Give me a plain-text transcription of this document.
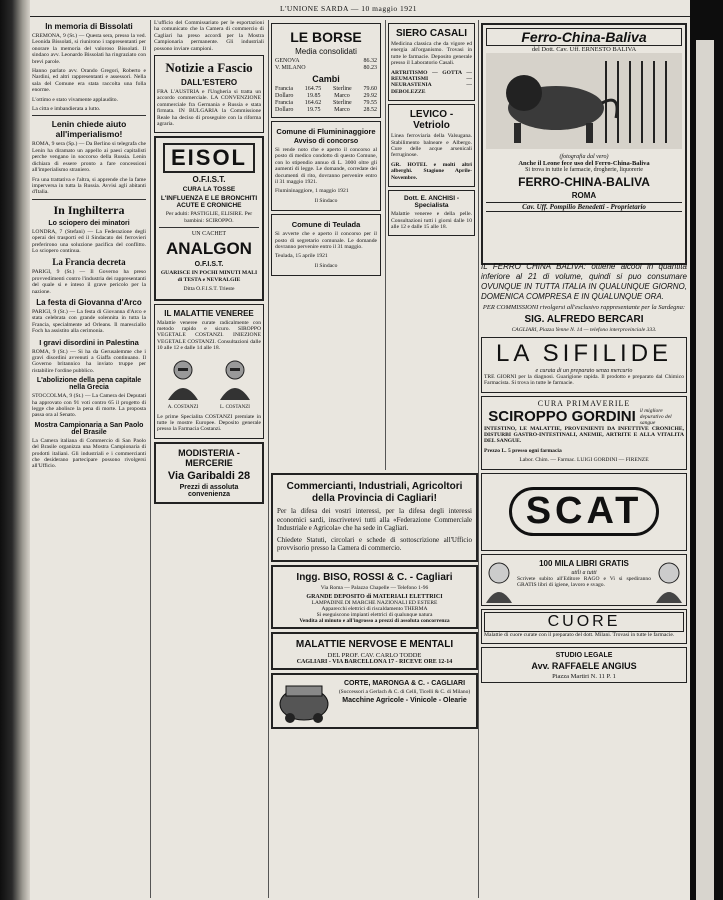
L'UNIONE SARDA — 10 maggio 1921
In memoria di Bissolati

CREMONA, 9 (St.) — Questa sera, presso la ved. Leonida Bissolati, si riunirono i rappresentanti per onorare la memoria del valoroso Bissolati. Il sindaco avv. Leonardo Bissolati ha ringraziato con brevi parole.

Hanno parlato avv. Orando Gregori, Roberto e Nardini, ed altri rappresentanti e assessori. Nella sala del Comune era stata raccolta una folla enorme.

L'ottimo e stato vivamente applaudito.

La citta e imbandierata a lutto.

Lenin chiede aiuto all'imperialismo!

ROMA, 9 sera (Sp.) — Da Berlino si telegrafa che Lenin ha diramato un appello ai paesi capitalisti perche vengano in soccorso della Russia. Lenin dichiara di essere pronto a fare concessioni all'imperialismo straniero.

Fra una trattativa e l'altra, si apprende che la fame imperversa in tutta la Russia. Avvisi agli abitanti d'Italia.

In Inghilterra
Lo sciopero dei minatori

LONDRA, 7 (Stefani) — La Federazione degli operai dei trasporti ed il Sindacato dei ferrovieri preferirono una soluzione pacifica del conflitto. Lo sciopero continua.

La Francia decreta

PARIGI, 9 (St.) — Il Governo ha preso provvedimenti contro l'industria dei rappresentanti del quale si e inteso il grave pericolo per la nazione.

La festa di Giovanna d'Arco

PARIGI, 9 (St.) — La festa di Giovanna d'Arco e stata celebrata con grande solennita in tutta la Francia, specialmente ad Orleans. Il maresciallo Foch ha assistito alla cerimonia.

I gravi disordini in Palestina

ROMA, 9 (St.) — Si ha da Gerusalemme che i gravi disordini avvenuti a Giaffa continuano. Il Governo britannico ha inviato truppe per ristabilire l'ordine pubblico.

L'abolizione della pena capitale nella Grecia

STOCCOLMA, 9 (St.) — La Camera dei Deputati ha approvato con 91 voti contro 65 il progetto di legge che abolisce la pena di morte. La proposta passa ora al Senato.

Mostra Campionaria a San Paolo del Brasile

La Camera italiana di Commercio di San Paolo del Brasile organizza una Mostra Campionaria di prodotti italiani. Gli industriali e i commercianti che desiderano partecipare possono rivolgersi all'Ufficio.

L'ufficio del Commissariato per le esportazioni ha comunicato che la Camera di commercio di Cagliari ha preso accordi per la Mostra Campionaria permanente. Gli industriali possono inviare campioni.

Notizie a Fascio
DALL'ESTERO

FRA L'AUSTRIA e l'Ungheria si tratta un accordo commerciale. LA CONVENZIONE commerciale fra Germania e Russia e stata firmata. IN BULGARIA la Commissione Reale ha deciso di proseguire con la riforma agraria.

EISOL
O.F.I.S.T.
CURA LA TOSSE
L'INFLUENZA E LE BRONCHITI ACUTE E CRONICHE

Per adulti: PASTIGLIE, ELISIRE. Per bambini: SCIROPPO.

UN CACHET
ANALGON
O.F.I.S.T.

GUARISCE IN POCHI MINUTI MALI di TESTA e NEVRALGIE

Ditta O.F.I.S.T. Trieste

IL MALATTIE VENEREE

Malattie veneree curate radicalmente con metodo rapido e sicuro. SIROPPO VEGETALE COSTANZI. INIEZIONE VEGETALE COSTANZI. Consultazioni dalle 10 alle 12 e dalle 14 alle 18.

A. COSTANZI	L. COSTANZI

Le prime Specialita COSTANZI premiate in tutte le mostre Europee. Deposito generale presso la Farmacia Costanzi.

MODISTERIA - MERCERIE
Via Garibaldi 28
Prezzi di assoluta convenienza
LE BORSE
Media consolidati
GENOVA	86.32
V. MILANO	80.23
Cambi
Francia 164.75 Sterline 79.60
Dollaro 19.85 Marco 29.92
Francia 164.62 Sterline 79.55
Dollaro 19.75 Marco 28.52
Comune di Flumininaggiore
Avviso di concorso

Si rende noto che e aperto il concorso al posto di medico condotto di questo Comune, con lo stipendio annuo di L. 3000 oltre gli aumenti di legge. Le domande, corredate dei documenti di rito, dovranno pervenire entro il 31 maggio 1921.

Flumininaggiore, 1 maggio 1921

Il Sindaco

Comune di Teulada

Si avverte che e aperto il concorso per il posto di segretario comunale. Le domande dovranno pervenire entro il 31 maggio.

Teulada, 15 aprile 1921

Il Sindaco

SIERO CASALI

Medicina classica che da vigore ed energia all'organismo. Trovasi in tutte le farmacie. Deposito generale presso il Laboratorio Casali.

ARTRITISMO — GOTTA — REUMATISMI — NEURASTENIA — DEBOLEZZE

LEVICO - Vetriolo

Linea ferroviaria della Valsugana. Stabilimento balneare e Albergo. Cure delle acque arsenicali ferruginose.

GR. HOTEL e molti altri alberghi. Stagione Aprile-Novembre.

Dott. E. ANCHISI - Specialista

Malattie veneree e della pelle. Consultazioni tutti i giorni dalle 10 alle 12 e dalle 15 alle 18.

Ferro-China-Baliva
del Dott. Cav. Uff. ERNESTO BALIVA
(fotografia dal vero)
Anche il Leone fece uso del Ferro-China-Baliva
Si trova in tutte le farmacie, drogherie, liquorerie
FERRO-CHINA-BALIVA
ROMA
Cav. Uff. Pompilio Benedetti - Proprietario

IL FERRO CHINA BALIVA: ottiene alcool in quantita inferiore al 21 di volume, quindi si puo consumare OVUNQUE IN TUTTA ITALIA IN QUALUNQUE GIORNO, DOMENICA COMPRESA E IN QUALUNQUE ORA.

PER COMMISSIONI rivolgersi all'esclusivo rappresentante per la Sardegna:

SIG. ALFREDO BERCARI

CAGLIARI, Piazza Yenne N. 14 — telefono interprovinciale 333.

LA SIFILIDE
e curata di un preparato senza mercurio

TRE GIORNI per la diagnosi. Guarigione rapida. Il prodotto e preparato dal Chimico Farmacista. Si trova in tutte le farmacie.

CURA PRIMAVERILE
SCIROPPO GORDINI il migliore depurativo del sangue

INTESTINO, LE MALATTIE, PROVENIENTI DA INFETTIVE CRONICHE, DISTURBI GASTRO-INTESTINALI, ANEMIE, ARTRITE E ALLA VITALITA DEL SANGUE.

Prezzo L. 5 presso ogni farmacia

Labor. Chim. — Farmac. LUIGI GORDINI — FIRENZE

SCAT
100 MILA LIBRI GRATIS
utili a tutti

Scrivete subito all'Editore RAGO e Vi si spediranno GRATIS libri di igiene, lavoro e svago.

CUORE

Malattie di cuore curate con il preparato del dott. Milani. Trovasi in tutte le farmacie.

STUDIO LEGALE
Avv. RAFFAELE ANGIUS
Piazza Martiri N. 11 P. 1
Commercianti, Industriali, Agricoltori della Provincia di Cagliari!

Per la difesa dei vostri interessi, per la difesa degli interessi economici sardi, inscrivetevi tutti alla «Federazione Commerciale Industriale e Agricola» che ha sede in Cagliari.

Chiedete Statuti, circolari e schede di sottoscrizione all'Ufficio provvisorio presso la Camera di commercio.

Ingg. BISO, ROSSI & C. - Cagliari
Via Roma — Palazzo Chapelle — Telefono 1-96
GRANDE DEPOSITO di MATERIALI ELETTRICI
LAMPADINE DI MARCHE NAZIONALI ED ESTERE
Apparecchi elettrici di riscaldamento THERMA
Si eseguiscono impianti elettrici di qualunque natura
Vendita al minuto e all'ingrosso a prezzi di assoluta concorrenza
MALATTIE NERVOSE E MENTALI
DEL PROF. CAV. CARLO TODDE
CAGLIARI - VIA BARCELLONA 17 - RICEVE ORE 12-14
CORTE, MARONGA & C. - CAGLIARI
(Successori a Gerlach & C. di Celli, Ticelli & C. di Milano)
Macchine Agricole - Vinicole - Olearie
